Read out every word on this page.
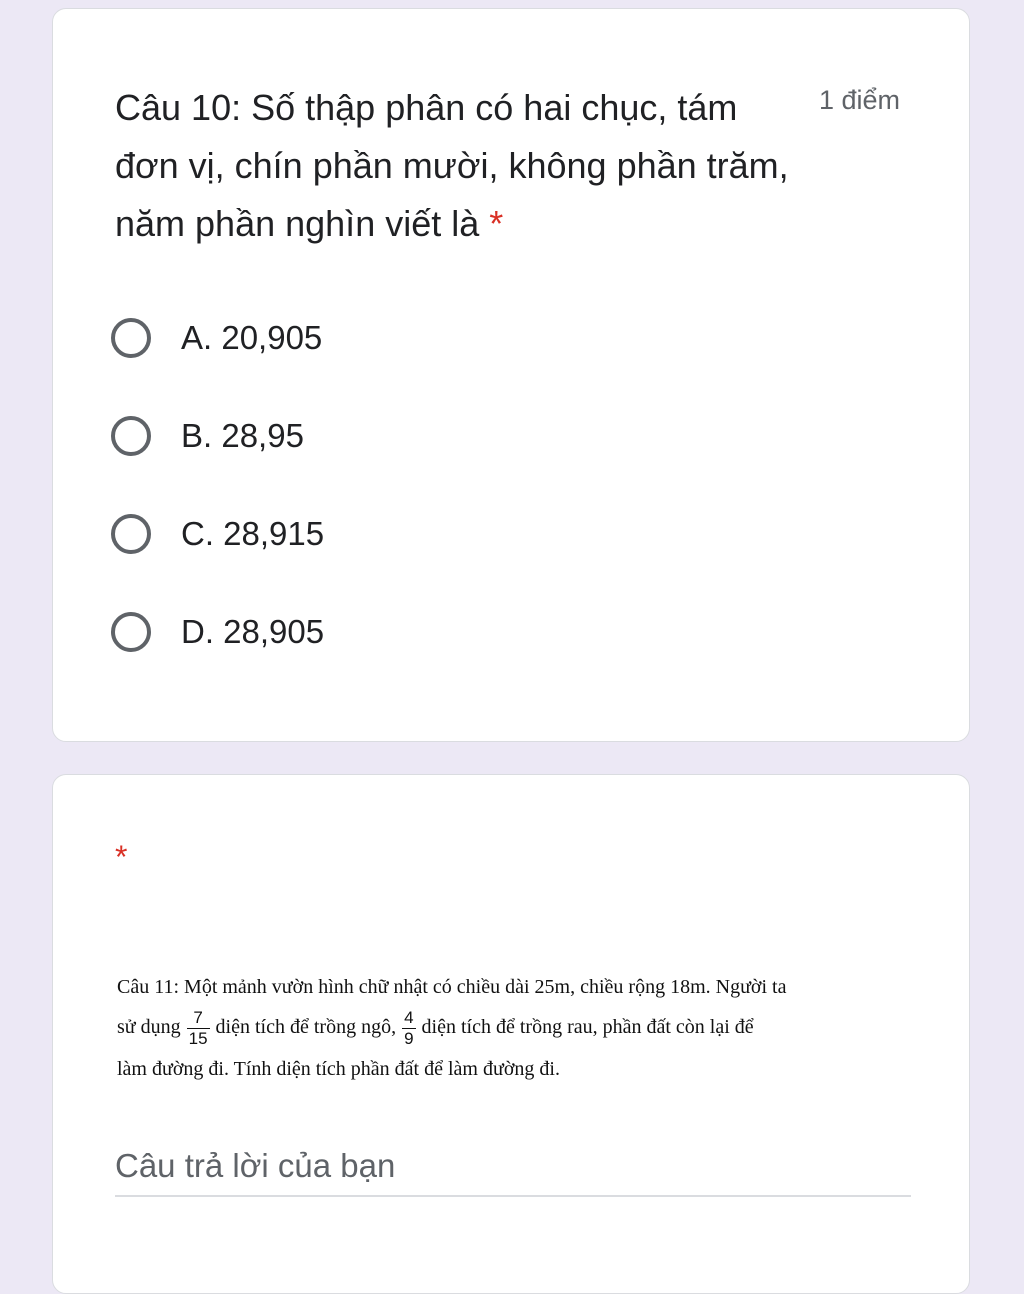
Câu 10: Số thập phân có hai chục, tám đơn vị, chín phần mười, không phần trăm, năm phần nghìn viết là *
1 điểm
A. 20,905
B. 28,95
C. 28,915
D. 28,905
*
Câu 11: Một mảnh vườn hình chữ nhật có chiều dài 25m, chiều rộng 18m. Người ta
sử dụng $\frac{7}{15}$ diện tích để trồng ngô, $\frac{4}{9}$ diện tích để trồng rau, phần đất còn lại để
làm đường đi. Tính diện tích phần đất để làm đường đi.
Câu trả lời của bạn
